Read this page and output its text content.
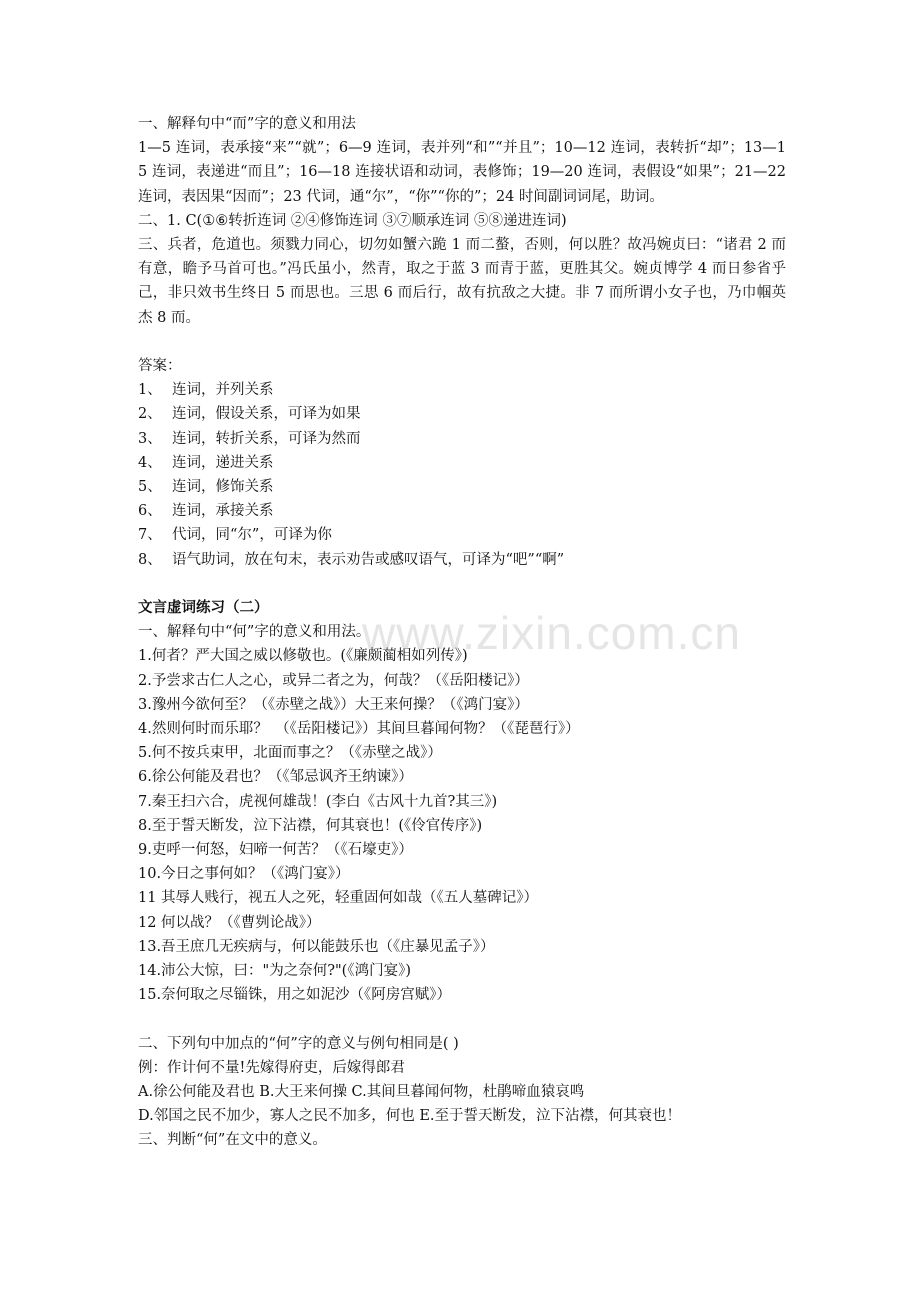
一、解释句中“而”字的意义和用法

1—5 连词，表承接“来”“就”；6—9 连词，表并列“和”“并且”；10—12 连词，表转折“却”；13—15 连词，表递进“而且”；16—18 连接状语和动词，表修饰；19—20 连词，表假设“如果”；21—22 连词，表因果“因而”；23 代词，通“尔”，“你”“你的”；24 时间副词词尾，助词。

二、1. C(①⑥转折连词 ②④修饰连词 ③⑦顺承连词 ⑤⑧递进连词)

三、兵者，危道也。须戮力同心，切勿如蟹六跪 1 而二螯，否则，何以胜？故冯婉贞曰：“诸君 2 而有意，瞻予马首可也。”冯氏虽小，然青，取之于蓝 3 而青于蓝，更胜其父。婉贞博学 4 而日参省乎己，非只效书生终日 5 而思也。三思 6 而后行，故有抗敌之大捷。非 7 而所谓小女子也，乃巾帼英杰 8 而。

答案：

1、 连词，并列关系
2、 连词，假设关系，可译为如果
3、 连词，转折关系，可译为然而
4、 连词，递进关系
5、 连词，修饰关系
6、 连词，承接关系
7、 代词，同“尔”，可译为你
8、 语气助词，放在句末，表示劝告或感叹语气，可译为“吧”“啊”

文言虚词练习（二）

一、解释句中“何”字的意义和用法。

1.何者？严大国之威以修敬也。(《廉颇蔺相如列传》)

2.予尝求古仁人之心，或异二者之为，何哉？（《岳阳楼记》）

3.豫州今欲何至？（《赤壁之战》）大王来何操？（《鸿门宴》）

4.然则何时而乐耶？　（《岳阳楼记》）其间旦暮闻何物？（《琵琶行》）

5.何不按兵束甲，北面而事之？（《赤壁之战》）

6.徐公何能及君也？（《邹忌讽齐王纳谏》）

7.秦王扫六合，虎视何雄哉！(李白《古风十九首?其三》)

8.至于誓天断发，泣下沾襟，何其衰也！(《伶官传序》)

9.吏呼一何怒，妇啼一何苦？（《石壕吏》）

10.今日之事何如？（《鸿门宴》）

11 其辱人贱行，视五人之死，轻重固何如哉（《五人墓碑记》）

12 何以战？（《曹刿论战》）

13.吾王庶几无疾病与，何以能鼓乐也（《庄暴见孟子》）

14.沛公大惊，曰："为之奈何?"(《鸿门宴》)

15.奈何取之尽锱铢，用之如泥沙（《阿房宫赋》）

二、下列句中加点的“何”字的意义与例句相同是( )

例：作计何不量!先嫁得府吏，后嫁得郎君

A.徐公何能及君也 B.大王来何操 C.其间旦暮闻何物，杜鹃啼血猿哀鸣

D.邻国之民不加少，寡人之民不加多，何也 E.至于誓天断发，泣下沾襟，何其衰也！

三、判断“何”在文中的意义。

www.zixin.com.cn
